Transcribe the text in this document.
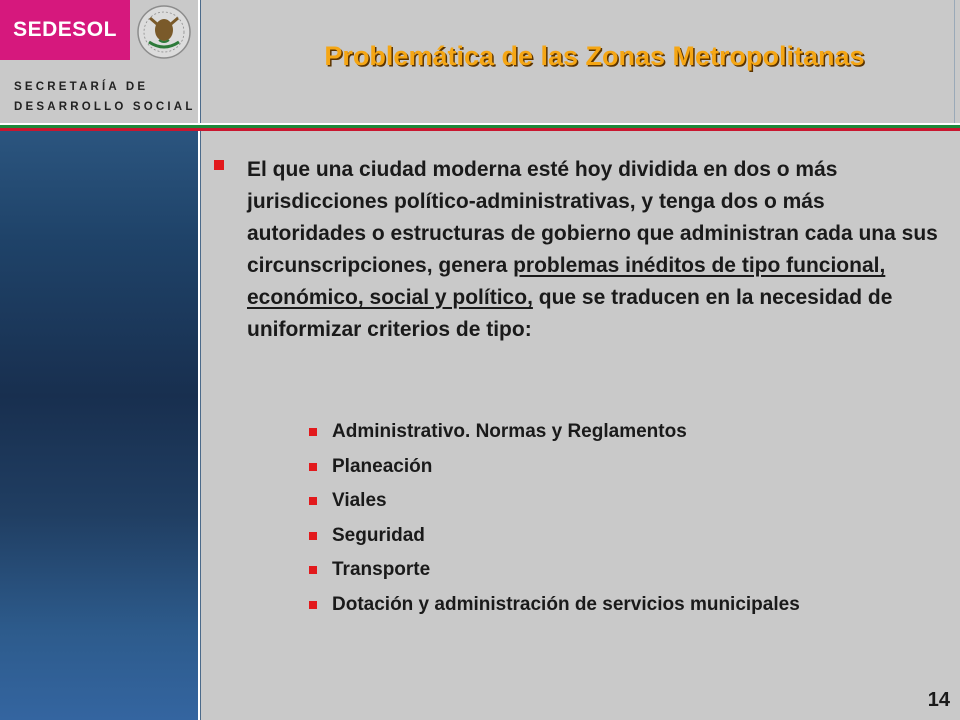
SEDESOL
SECRETARÍA DE
DESARROLLO SOCIAL
Problemática de las Zonas Metropolitanas

El que una ciudad moderna esté hoy dividida en dos o más jurisdicciones político-administrativas, y tenga dos o más autoridades o estructuras de gobierno que administran cada una sus circunscripciones, genera problemas inéditos de tipo funcional, económico, social y político, que se traducen en la necesidad de uniformizar criterios de tipo:

Administrativo. Normas y Reglamentos
Planeación
Viales
Seguridad
Transporte
Dotación y administración de servicios municipales
14
